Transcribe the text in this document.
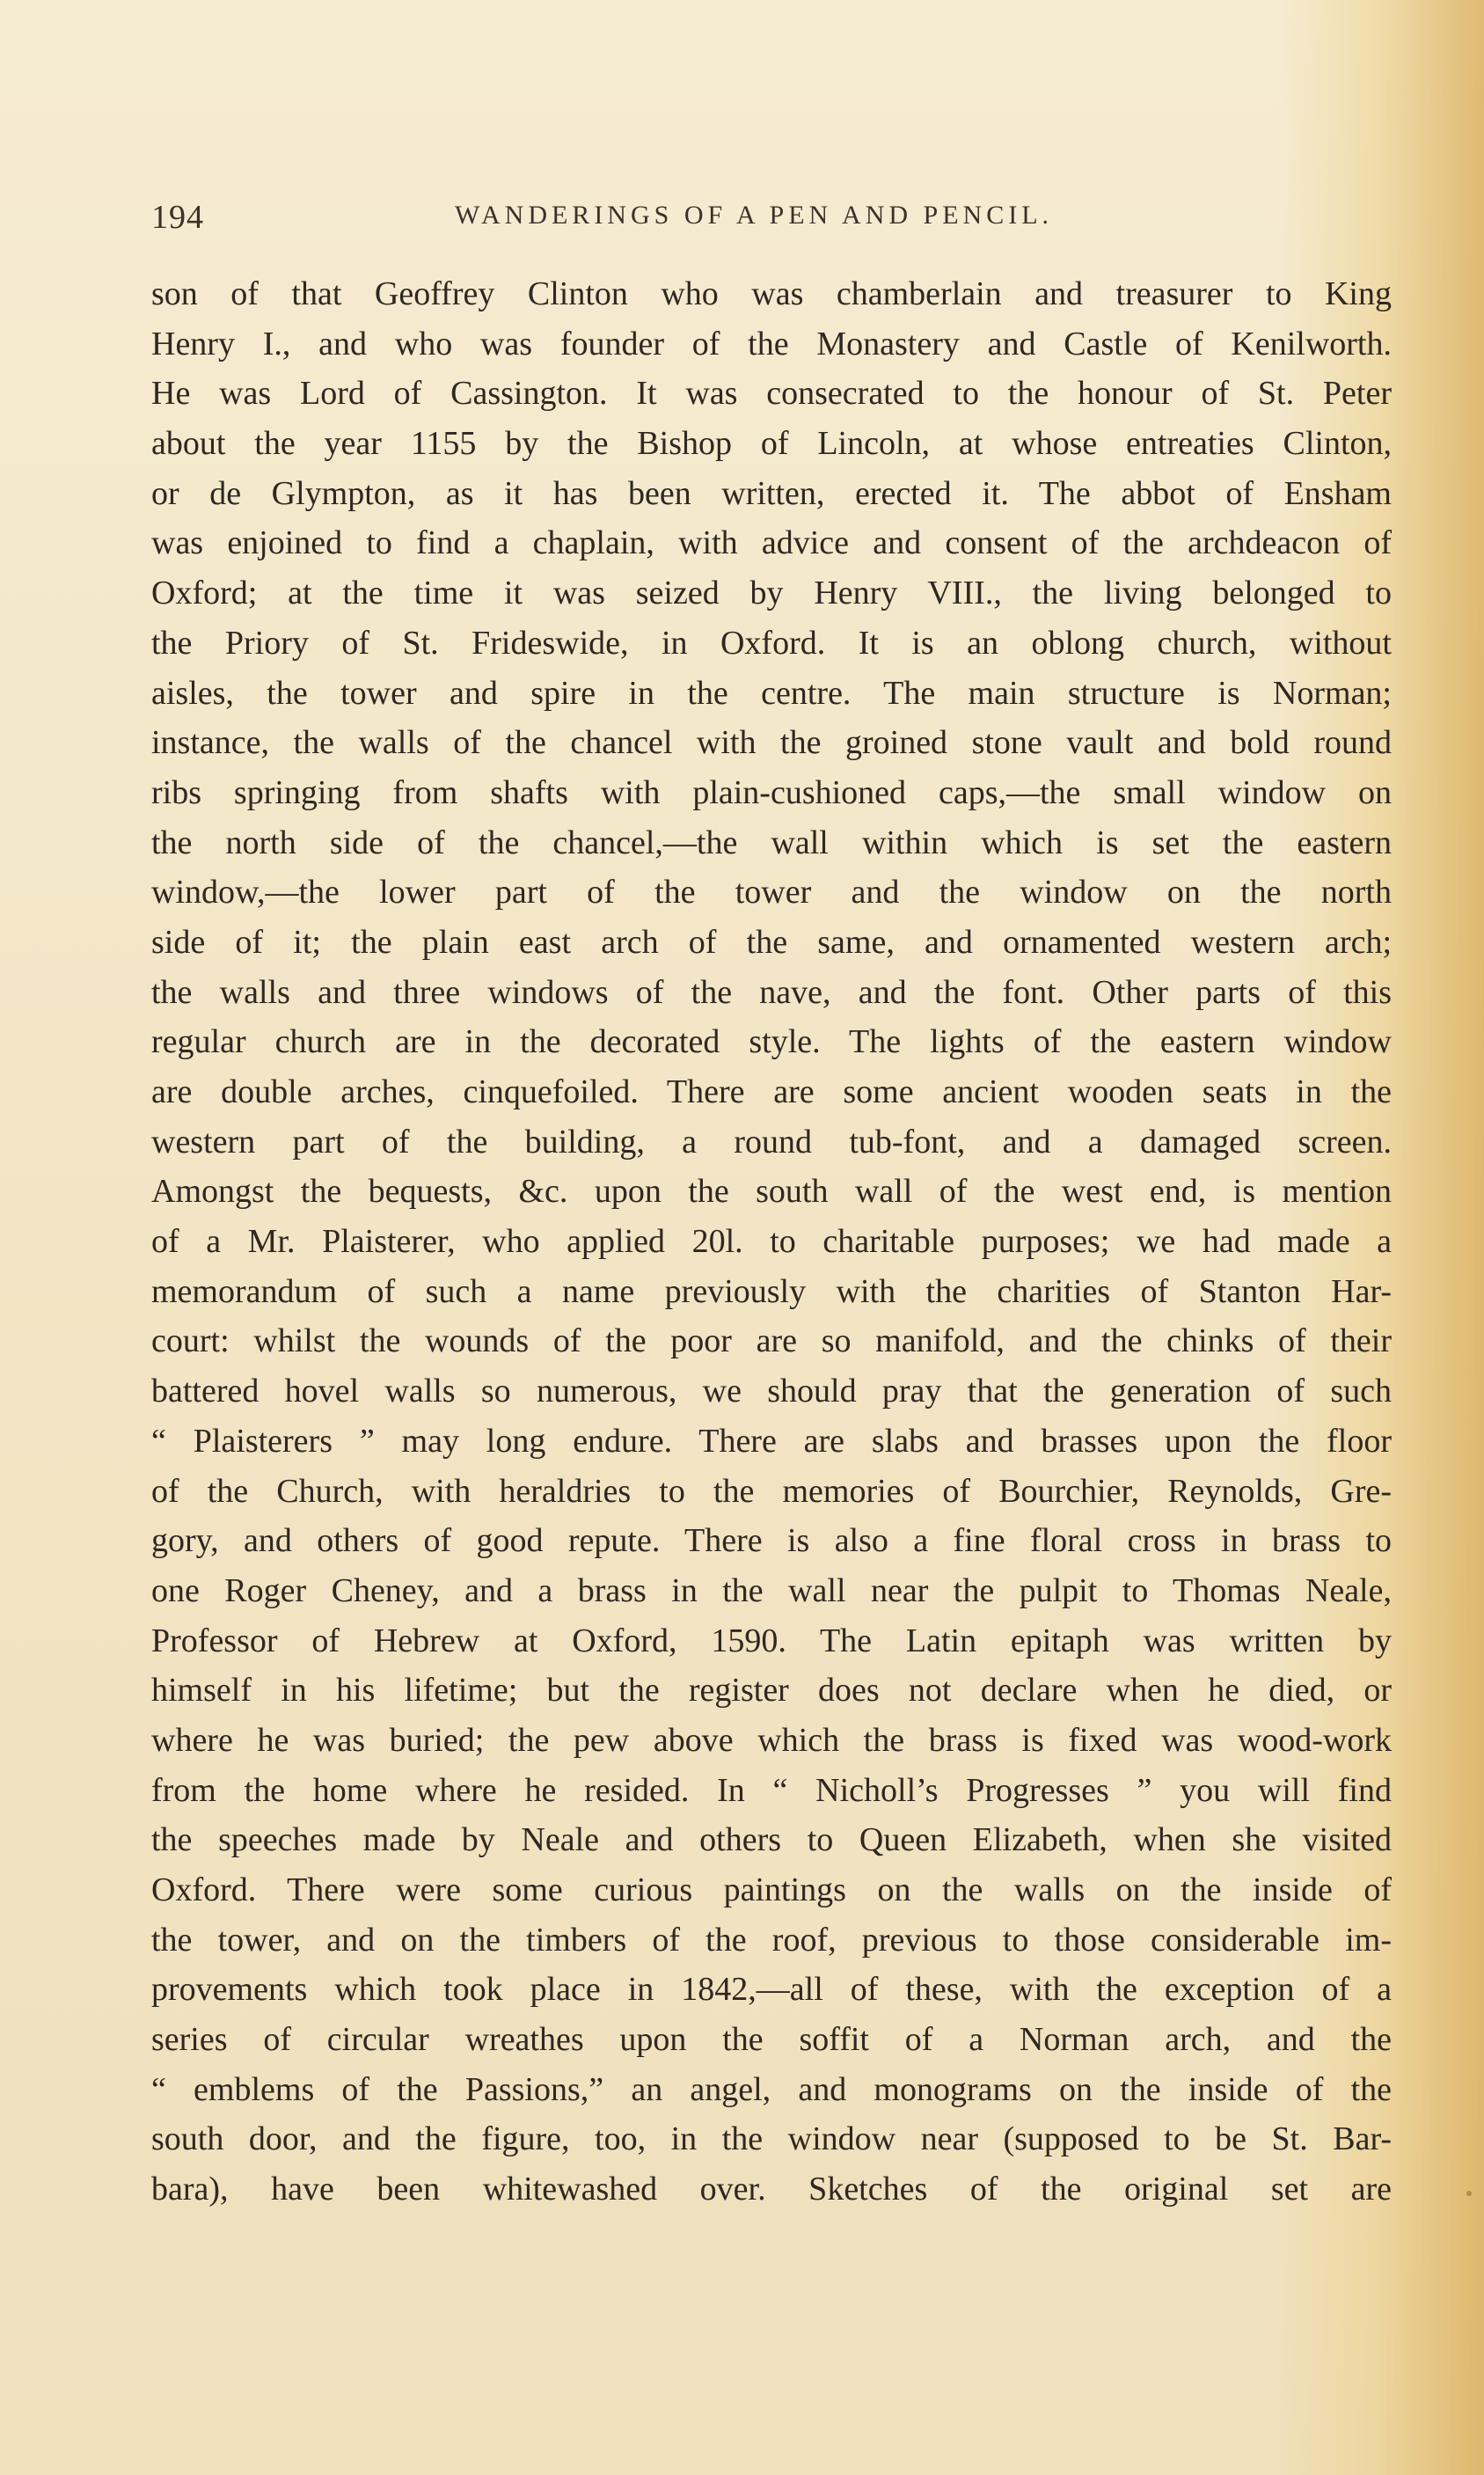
194	WANDERINGS OF A PEN AND PENCIL.
son of that Geoffrey Clinton who was chamberlain and treasurer to King
Henry I., and who was founder of the Monastery and Castle of Kenilworth.
He was Lord of Cassington. It was consecrated to the honour of St. Peter
about the year 1155 by the Bishop of Lincoln, at whose entreaties Clinton,
or de Glympton, as it has been written, erected it. The abbot of Ensham
was enjoined to find a chaplain, with advice and consent of the archdeacon of
Oxford; at the time it was seized by Henry VIII., the living belonged to
the Priory of St. Frideswide, in Oxford. It is an oblong church, without
aisles, the tower and spire in the centre. The main structure is Norman;
instance, the walls of the chancel with the groined stone vault and bold round
ribs springing from shafts with plain-cushioned caps,—the small window on
the north side of the chancel,—the wall within which is set the eastern
window,—the lower part of the tower and the window on the north
side of it; the plain east arch of the same, and ornamented western arch;
the walls and three windows of the nave, and the font. Other parts of this
regular church are in the decorated style. The lights of the eastern window
are double arches, cinquefoiled. There are some ancient wooden seats in the
western part of the building, a round tub-font, and a damaged screen.
Amongst the bequests, &c. upon the south wall of the west end, is mention
of a Mr. Plaisterer, who applied 20l. to charitable purposes; we had made a
memorandum of such a name previously with the charities of Stanton Har-
court: whilst the wounds of the poor are so manifold, and the chinks of their
battered hovel walls so numerous, we should pray that the generation of such
“ Plaisterers ” may long endure. There are slabs and brasses upon the floor
of the Church, with heraldries to the memories of Bourchier, Reynolds, Gre-
gory, and others of good repute. There is also a fine floral cross in brass to
one Roger Cheney, and a brass in the wall near the pulpit to Thomas Neale,
Professor of Hebrew at Oxford, 1590. The Latin epitaph was written by
himself in his lifetime; but the register does not declare when he died, or
where he was buried; the pew above which the brass is fixed was wood-work
from the home where he resided. In “ Nicholl’s Progresses ” you will find
the speeches made by Neale and others to Queen Elizabeth, when she visited
Oxford. There were some curious paintings on the walls on the inside of
the tower, and on the timbers of the roof, previous to those considerable im-
provements which took place in 1842,—all of these, with the exception of a
series of circular wreathes upon the soffit of a Norman arch, and the
“ emblems of the Passions,” an angel, and monograms on the inside of the
south door, and the figure, too, in the window near (supposed to be St. Bar-
bara), have been whitewashed over. Sketches of the original set are
